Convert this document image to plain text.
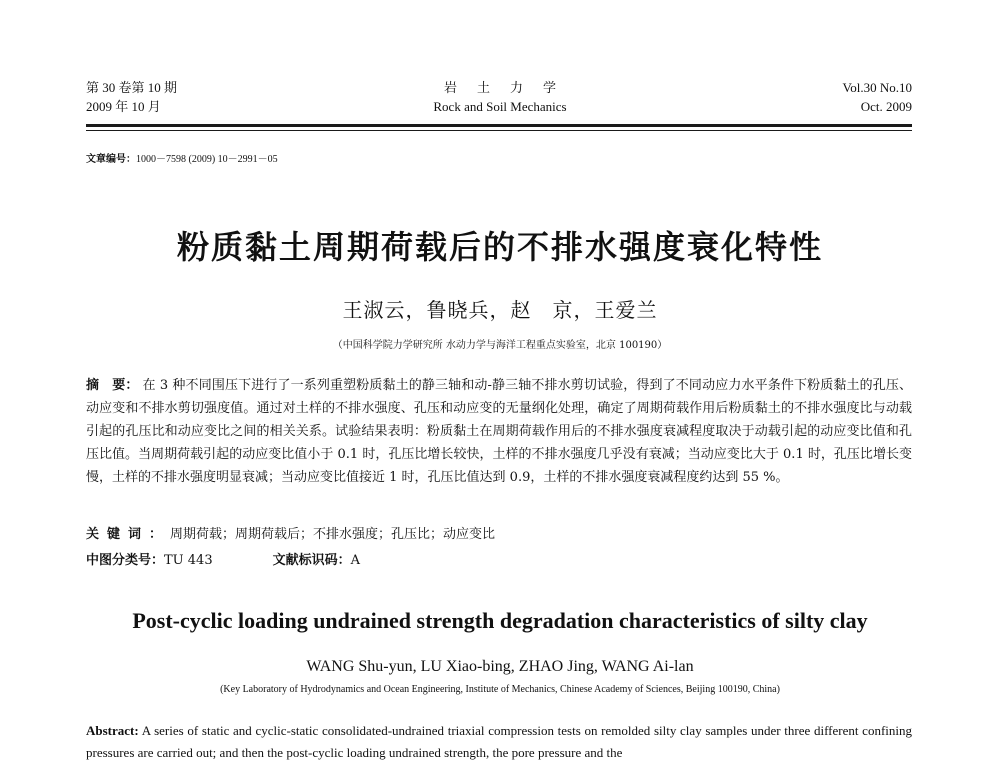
第 30 卷第 10 期
2009 年 10 月
岩土力学
Rock and Soil Mechanics
Vol.30 No.10
Oct. 2009
文章编号：1000－7598 (2009) 10－2991－05
粉质黏土周期荷载后的不排水强度衰化特性
王淑云，鲁晓兵，赵　京，王爱兰
（中国科学院力学研究所 水动力学与海洋工程重点实验室，北京 100190）
摘　要： 在 3 种不同围压下进行了一系列重塑粉质黏土的静三轴和动-静三轴不排水剪切试验，得到了不同动应力水平条件下粉质黏土的孔压、动应变和不排水剪切强度值。通过对土样的不排水强度、孔压和动应变的无量纲化处理，确定了周期荷载作用后粉质黏土的不排水强度比与动载引起的孔压比和动应变比之间的相关关系。试验结果表明：粉质黏土在周期荷载作用后的不排水强度衰减程度取决于动载引起的动应变比值和孔压比值。当周期荷载引起的动应变比值小于 0.1 时，孔压比增长较快，土样的不排水强度几乎没有衰减；当动应变比大于 0.1 时，孔压比增长变慢，土样的不排水强度明显衰减；当动应变比值接近 1 时，孔压比值达到 0.9，土样的不排水强度衰减程度约达到 55 %。
关键词：周期荷载；周期荷载后；不排水强度；孔压比；动应变比
中图分类号：TU 443	文献标识码：A
Post-cyclic loading undrained strength degradation characteristics of silty clay
WANG Shu-yun, LU Xiao-bing, ZHAO Jing, WANG Ai-lan
(Key Laboratory of Hydrodynamics and Ocean Engineering, Institute of Mechanics, Chinese Academy of Sciences, Beijing 100190, China)
Abstract: A series of static and cyclic-static consolidated-undrained triaxial compression tests on remolded silty clay samples under three different confining pressures are carried out; and then the post-cyclic loading undrained strength, the pore pressure and the
